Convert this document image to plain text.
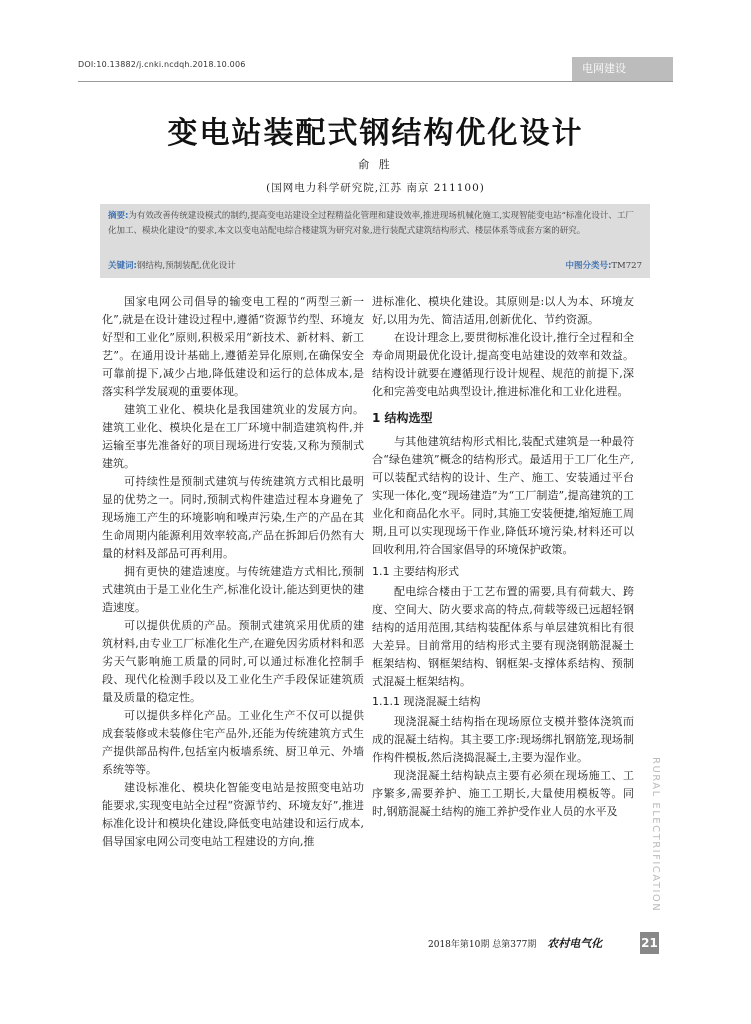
DOI:10.13882/j.cnki.ncdqh.2018.10.006	电网建设
变电站装配式钢结构优化设计
俞 胜
(国网电力科学研究院,江苏 南京 211100)
摘要:为有效改善传统建设模式的制约,提高变电站建设全过程精益化管理和建设效率,推进现场机械化施工,实现智能变电站“标准化设计、工厂化加工、模块化建设”的要求,本文以变电站配电综合楼建筑为研究对象,进行装配式建筑结构形式、楼层体系等成套方案的研究。
关键词:钢结构,预制装配,优化设计	中图分类号:TM727

国家电网公司倡导的输变电工程的“两型三新一化”,就是在设计建设过程中,遵循“资源节约型、环境友好型和工业化”原则,积极采用“新技术、新材料、新工艺”。在通用设计基础上,遵循差异化原则,在确保安全可靠前提下,减少占地,降低建设和运行的总体成本,是落实科学发展观的重要体现。

建筑工业化、模块化是我国建筑业的发展方向。建筑工业化、模块化是在工厂环境中制造建筑构件,并运输至事先准备好的项目现场进行安装,又称为预制式建筑。

可持续性是预制式建筑与传统建筑方式相比最明显的优势之一。同时,预制式构件建造过程本身避免了现场施工产生的环境影响和噪声污染,生产的产品在其生命周期内能源利用效率较高,产品在拆卸后仍然有大量的材料及部品可再利用。

拥有更快的建造速度。与传统建造方式相比,预制式建筑由于是工业化生产,标准化设计,能达到更快的建造速度。

可以提供优质的产品。预制式建筑采用优质的建筑材料,由专业工厂标准化生产,在避免因劣质材料和恶劣天气影响施工质量的同时,可以通过标准化控制手段、现代化检测手段以及工业化生产手段保证建筑质量及质量的稳定性。

可以提供多样化产品。工业化生产不仅可以提供成套装修或未装修住宅产品外,还能为传统建筑方式生产提供部品构件,包括室内板墙系统、厨卫单元、外墙系统等等。

建设标准化、模块化智能变电站是按照变电站功能要求,实现变电站全过程“资源节约、环境友好”,推进标准化设计和模块化建设,降低变电站建设和运行成本,倡导国家电网公司变电站工程建设的方向,推

进标准化、模块化建设。其原则是:以人为本、环境友好,以用为先、简洁适用,创新优化、节约资源。

在设计理念上,要贯彻标准化设计,推行全过程和全寿命周期最优化设计,提高变电站建设的效率和效益。结构设计就要在遵循现行设计规程、规范的前提下,深化和完善变电站典型设计,推进标准化和工业化进程。

1 结构选型

与其他建筑结构形式相比,装配式建筑是一种最符合“绿色建筑”概念的结构形式。最适用于工厂化生产,可以装配式结构的设计、生产、施工、安装通过平台实现一体化,变“现场建造”为“工厂制造”,提高建筑的工业化和商品化水平。同时,其施工安装便捷,缩短施工周期,且可以实现现场干作业,降低环境污染,材料还可以回收利用,符合国家倡导的环境保护政策。

1.1 主要结构形式

配电综合楼由于工艺布置的需要,具有荷载大、跨度、空间大、防火要求高的特点,荷载等级已远超轻钢结构的适用范围,其结构装配体系与单层建筑相比有很大差异。目前常用的结构形式主要有现浇钢筋混凝土框架结构、钢框架结构、钢框架-支撑体系结构、预制式混凝土框架结构。

1.1.1 现浇混凝土结构

现浇混凝土结构指在现场原位支模并整体浇筑而成的混凝土结构。其主要工序:现场绑扎钢筋笼,现场制作构件模板,然后浇捣混凝土,主要为湿作业。

现浇混凝土结构缺点主要有必须在现场施工、工序繁多,需要养护、施工工期长,大量使用模板等。同时,钢筋混凝土结构的施工养护受作业人员的水平及	RURAL ELECTRIFICATION
2018年第10期 总第377期 农村电气化	21
